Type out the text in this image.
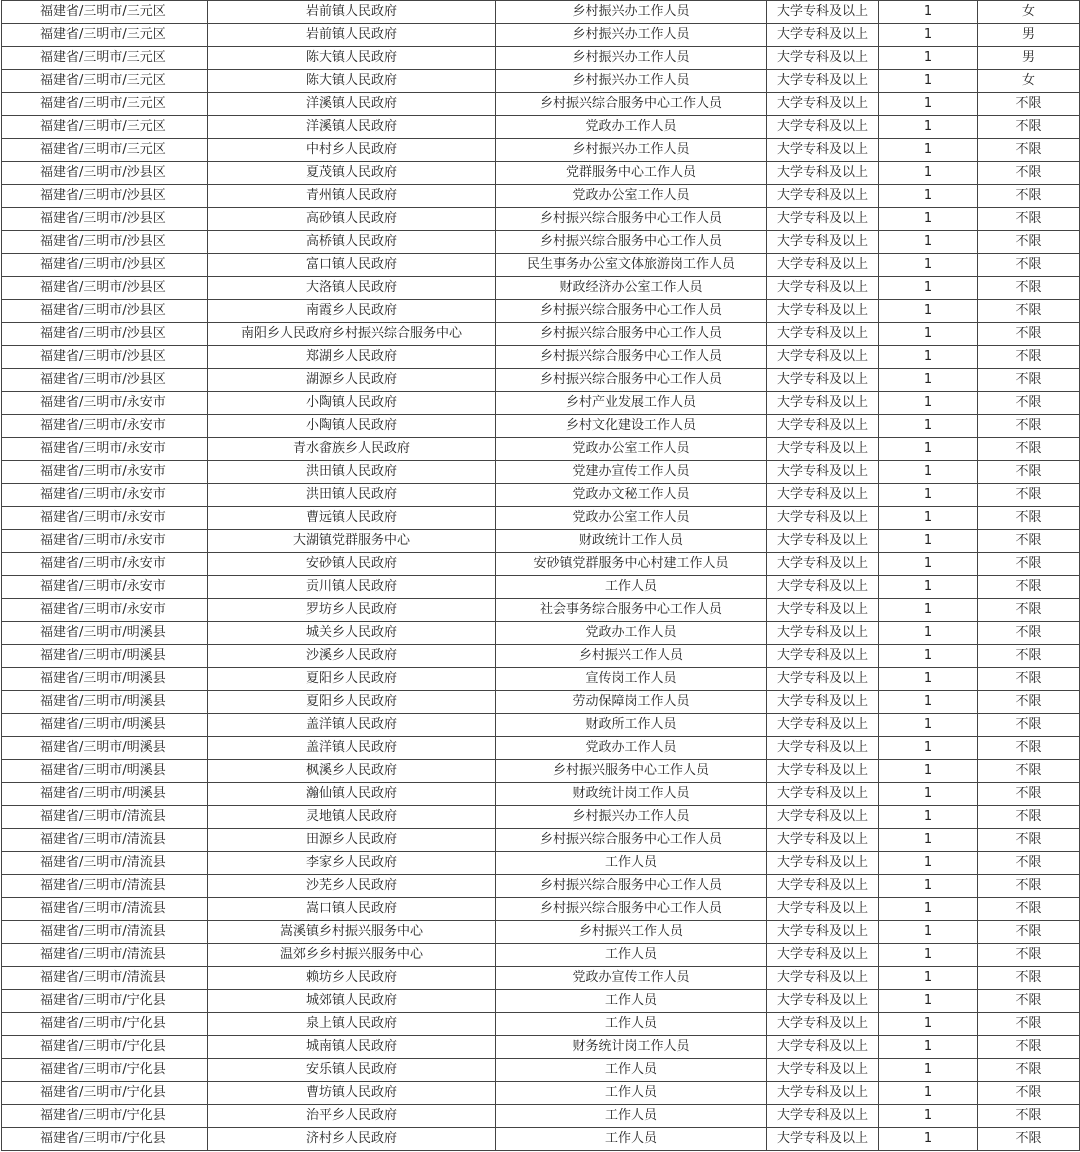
福建省/三明市/三元区	岩前镇人民政府	乡村振兴办工作人员	大学专科及以上	1	女
福建省/三明市/三元区	岩前镇人民政府	乡村振兴办工作人员	大学专科及以上	1	男
福建省/三明市/三元区	陈大镇人民政府	乡村振兴办工作人员	大学专科及以上	1	男
福建省/三明市/三元区	陈大镇人民政府	乡村振兴办工作人员	大学专科及以上	1	女
福建省/三明市/三元区	洋溪镇人民政府	乡村振兴综合服务中心工作人员	大学专科及以上	1	不限
福建省/三明市/三元区	洋溪镇人民政府	党政办工作人员	大学专科及以上	1	不限
福建省/三明市/三元区	中村乡人民政府	乡村振兴办工作人员	大学专科及以上	1	不限
福建省/三明市/沙县区	夏茂镇人民政府	党群服务中心工作人员	大学专科及以上	1	不限
福建省/三明市/沙县区	青州镇人民政府	党政办公室工作人员	大学专科及以上	1	不限
福建省/三明市/沙县区	高砂镇人民政府	乡村振兴综合服务中心工作人员	大学专科及以上	1	不限
福建省/三明市/沙县区	高桥镇人民政府	乡村振兴综合服务中心工作人员	大学专科及以上	1	不限
福建省/三明市/沙县区	富口镇人民政府	民生事务办公室文体旅游岗工作人员	大学专科及以上	1	不限
福建省/三明市/沙县区	大洛镇人民政府	财政经济办公室工作人员	大学专科及以上	1	不限
福建省/三明市/沙县区	南霞乡人民政府	乡村振兴综合服务中心工作人员	大学专科及以上	1	不限
福建省/三明市/沙县区	南阳乡人民政府乡村振兴综合服务中心	乡村振兴综合服务中心工作人员	大学专科及以上	1	不限
福建省/三明市/沙县区	郑湖乡人民政府	乡村振兴综合服务中心工作人员	大学专科及以上	1	不限
福建省/三明市/沙县区	湖源乡人民政府	乡村振兴综合服务中心工作人员	大学专科及以上	1	不限
福建省/三明市/永安市	小陶镇人民政府	乡村产业发展工作人员	大学专科及以上	1	不限
福建省/三明市/永安市	小陶镇人民政府	乡村文化建设工作人员	大学专科及以上	1	不限
福建省/三明市/永安市	青水畲族乡人民政府	党政办公室工作人员	大学专科及以上	1	不限
福建省/三明市/永安市	洪田镇人民政府	党建办宣传工作人员	大学专科及以上	1	不限
福建省/三明市/永安市	洪田镇人民政府	党政办文秘工作人员	大学专科及以上	1	不限
福建省/三明市/永安市	曹远镇人民政府	党政办公室工作人员	大学专科及以上	1	不限
福建省/三明市/永安市	大湖镇党群服务中心	财政统计工作人员	大学专科及以上	1	不限
福建省/三明市/永安市	安砂镇人民政府	安砂镇党群服务中心村建工作人员	大学专科及以上	1	不限
福建省/三明市/永安市	贡川镇人民政府	工作人员	大学专科及以上	1	不限
福建省/三明市/永安市	罗坊乡人民政府	社会事务综合服务中心工作人员	大学专科及以上	1	不限
福建省/三明市/明溪县	城关乡人民政府	党政办工作人员	大学专科及以上	1	不限
福建省/三明市/明溪县	沙溪乡人民政府	乡村振兴工作人员	大学专科及以上	1	不限
福建省/三明市/明溪县	夏阳乡人民政府	宣传岗工作人员	大学专科及以上	1	不限
福建省/三明市/明溪县	夏阳乡人民政府	劳动保障岗工作人员	大学专科及以上	1	不限
福建省/三明市/明溪县	盖洋镇人民政府	财政所工作人员	大学专科及以上	1	不限
福建省/三明市/明溪县	盖洋镇人民政府	党政办工作人员	大学专科及以上	1	不限
福建省/三明市/明溪县	枫溪乡人民政府	乡村振兴服务中心工作人员	大学专科及以上	1	不限
福建省/三明市/明溪县	瀚仙镇人民政府	财政统计岗工作人员	大学专科及以上	1	不限
福建省/三明市/清流县	灵地镇人民政府	乡村振兴办工作人员	大学专科及以上	1	不限
福建省/三明市/清流县	田源乡人民政府	乡村振兴综合服务中心工作人员	大学专科及以上	1	不限
福建省/三明市/清流县	李家乡人民政府	工作人员	大学专科及以上	1	不限
福建省/三明市/清流县	沙芜乡人民政府	乡村振兴综合服务中心工作人员	大学专科及以上	1	不限
福建省/三明市/清流县	嵩口镇人民政府	乡村振兴综合服务中心工作人员	大学专科及以上	1	不限
福建省/三明市/清流县	嵩溪镇乡村振兴服务中心	乡村振兴工作人员	大学专科及以上	1	不限
福建省/三明市/清流县	温郊乡乡村振兴服务中心	工作人员	大学专科及以上	1	不限
福建省/三明市/清流县	赖坊乡人民政府	党政办宣传工作人员	大学专科及以上	1	不限
福建省/三明市/宁化县	城郊镇人民政府	工作人员	大学专科及以上	1	不限
福建省/三明市/宁化县	泉上镇人民政府	工作人员	大学专科及以上	1	不限
福建省/三明市/宁化县	城南镇人民政府	财务统计岗工作人员	大学专科及以上	1	不限
福建省/三明市/宁化县	安乐镇人民政府	工作人员	大学专科及以上	1	不限
福建省/三明市/宁化县	曹坊镇人民政府	工作人员	大学专科及以上	1	不限
福建省/三明市/宁化县	治平乡人民政府	工作人员	大学专科及以上	1	不限
福建省/三明市/宁化县	济村乡人民政府	工作人员	大学专科及以上	1	不限
